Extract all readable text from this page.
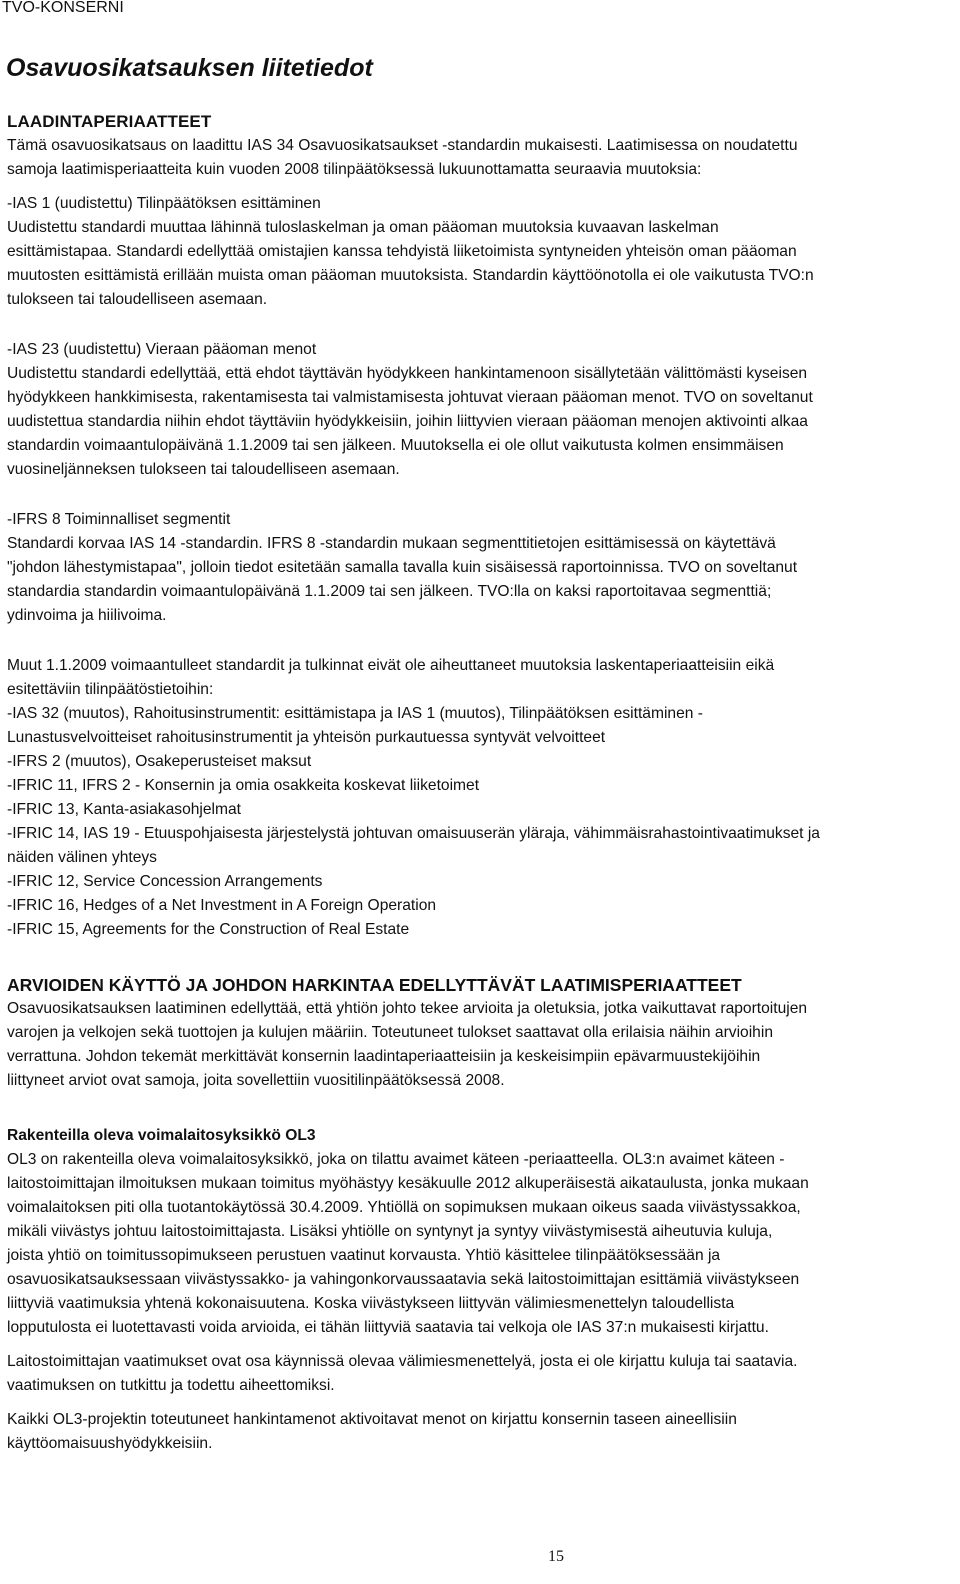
TVO-KONSERNI
Osavuosikatsauksen liitetiedot

LAADINTAPERIAATTEET

Tämä osavuosikatsaus on laadittu IAS 34 Osavuosikatsaukset -standardin mukaisesti. Laatimisessa on noudatettu

samoja laatimisperiaatteita kuin vuoden 2008 tilinpäätöksessä lukuunottamatta seuraavia muutoksia:

-IAS 1 (uudistettu) Tilinpäätöksen esittäminen

Uudistettu standardi muuttaa lähinnä tuloslaskelman ja oman pääoman muutoksia kuvaavan laskelman

esittämistapaa. Standardi edellyttää omistajien kanssa tehdyistä liiketoimista syntyneiden yhteisön oman pääoman

muutosten esittämistä erillään muista oman pääoman muutoksista. Standardin käyttöönotolla ei ole vaikutusta TVO:n

tulokseen tai taloudelliseen asemaan.

-IAS 23 (uudistettu) Vieraan pääoman menot

Uudistettu standardi edellyttää, että ehdot täyttävän hyödykkeen hankintamenoon sisällytetään välittömästi kyseisen

hyödykkeen hankkimisesta, rakentamisesta tai valmistamisesta johtuvat vieraan pääoman menot. TVO on soveltanut

uudistettua standardia niihin ehdot täyttäviin hyödykkeisiin, joihin liittyvien vieraan pääoman menojen aktivointi alkaa

standardin voimaantulopäivänä 1.1.2009 tai sen jälkeen. Muutoksella ei ole ollut vaikutusta kolmen ensimmäisen

vuosineljänneksen tulokseen tai taloudelliseen asemaan.

-IFRS 8 Toiminnalliset segmentit

Standardi korvaa IAS 14 -standardin. IFRS 8 -standardin mukaan segmenttitietojen esittämisessä on käytettävä

"johdon lähestymistapaa", jolloin tiedot esitetään samalla tavalla kuin sisäisessä raportoinnissa. TVO on soveltanut

standardia standardin voimaantulopäivänä 1.1.2009 tai sen jälkeen. TVO:lla on kaksi raportoitavaa segmenttiä;

ydinvoima ja hiilivoima.

Muut 1.1.2009 voimaantulleet standardit ja tulkinnat eivät ole aiheuttaneet muutoksia laskentaperiaatteisiin eikä

esitettäviin tilinpäätöstietoihin:

-IAS 32 (muutos), Rahoitusinstrumentit: esittämistapa ja IAS 1 (muutos), Tilinpäätöksen esittäminen -

Lunastusvelvoitteiset rahoitusinstrumentit ja yhteisön purkautuessa syntyvät velvoitteet

-IFRS 2 (muutos), Osakeperusteiset maksut

-IFRIC 11, IFRS 2 - Konsernin ja omia osakkeita koskevat liiketoimet

-IFRIC 13, Kanta-asiakasohjelmat

-IFRIC 14, IAS 19 - Etuuspohjaisesta järjestelystä johtuvan omaisuuserän yläraja, vähimmäisrahastointivaatimukset ja

näiden välinen yhteys

-IFRIC 12, Service Concession Arrangements

-IFRIC 16, Hedges of a Net Investment in A Foreign Operation

-IFRIC 15, Agreements for the Construction of Real Estate

ARVIOIDEN KÄYTTÖ JA JOHDON HARKINTAA EDELLYTTÄVÄT LAATIMISPERIAATTEET

Osavuosikatsauksen laatiminen edellyttää, että yhtiön johto tekee arvioita ja oletuksia, jotka vaikuttavat raportoitujen

varojen ja velkojen sekä tuottojen ja kulujen määriin. Toteutuneet tulokset saattavat olla erilaisia näihin arvioihin

verrattuna. Johdon tekemät merkittävät konsernin laadintaperiaatteisiin ja keskeisimpiin epävarmuustekijöihin

liittyneet arviot ovat samoja, joita sovellettiin vuositilinpäätöksessä 2008.

Rakenteilla oleva voimalaitosyksikkö OL3

OL3 on rakenteilla oleva voimalaitosyksikkö, joka on tilattu avaimet käteen -periaatteella. OL3:n avaimet käteen -

laitostoimittajan ilmoituksen mukaan toimitus myöhästyy kesäkuulle 2012 alkuperäisestä aikataulusta, jonka mukaan

voimalaitoksen piti olla tuotantokäytössä 30.4.2009. Yhtiöllä on sopimuksen mukaan oikeus saada viivästyssakkoa,

mikäli viivästys johtuu laitostoimittajasta. Lisäksi yhtiölle on syntynyt ja syntyy viivästymisestä aiheutuvia kuluja,

joista yhtiö on toimitussopimukseen perustuen vaatinut korvausta. Yhtiö käsittelee tilinpäätöksessään ja

osavuosikatsauksessaan viivästyssakko- ja vahingonkorvaussaatavia sekä laitostoimittajan esittämiä viivästykseen

liittyviä vaatimuksia yhtenä kokonaisuutena. Koska viivästykseen liittyvän välimiesmenettelyn taloudellista

lopputulosta ei luotettavasti voida arvioida, ei tähän liittyviä saatavia tai velkoja ole IAS 37:n mukaisesti kirjattu.

Laitostoimittajan vaatimukset ovat osa käynnissä olevaa välimiesmenettelyä, josta ei ole kirjattu kuluja tai saatavia.

vaatimuksen on tutkittu ja todettu aiheettomiksi.

Kaikki OL3-projektin toteutuneet hankintamenot aktivoitavat menot on kirjattu konsernin taseen aineellisiin

käyttöomaisuushyödykkeisiin.

15
